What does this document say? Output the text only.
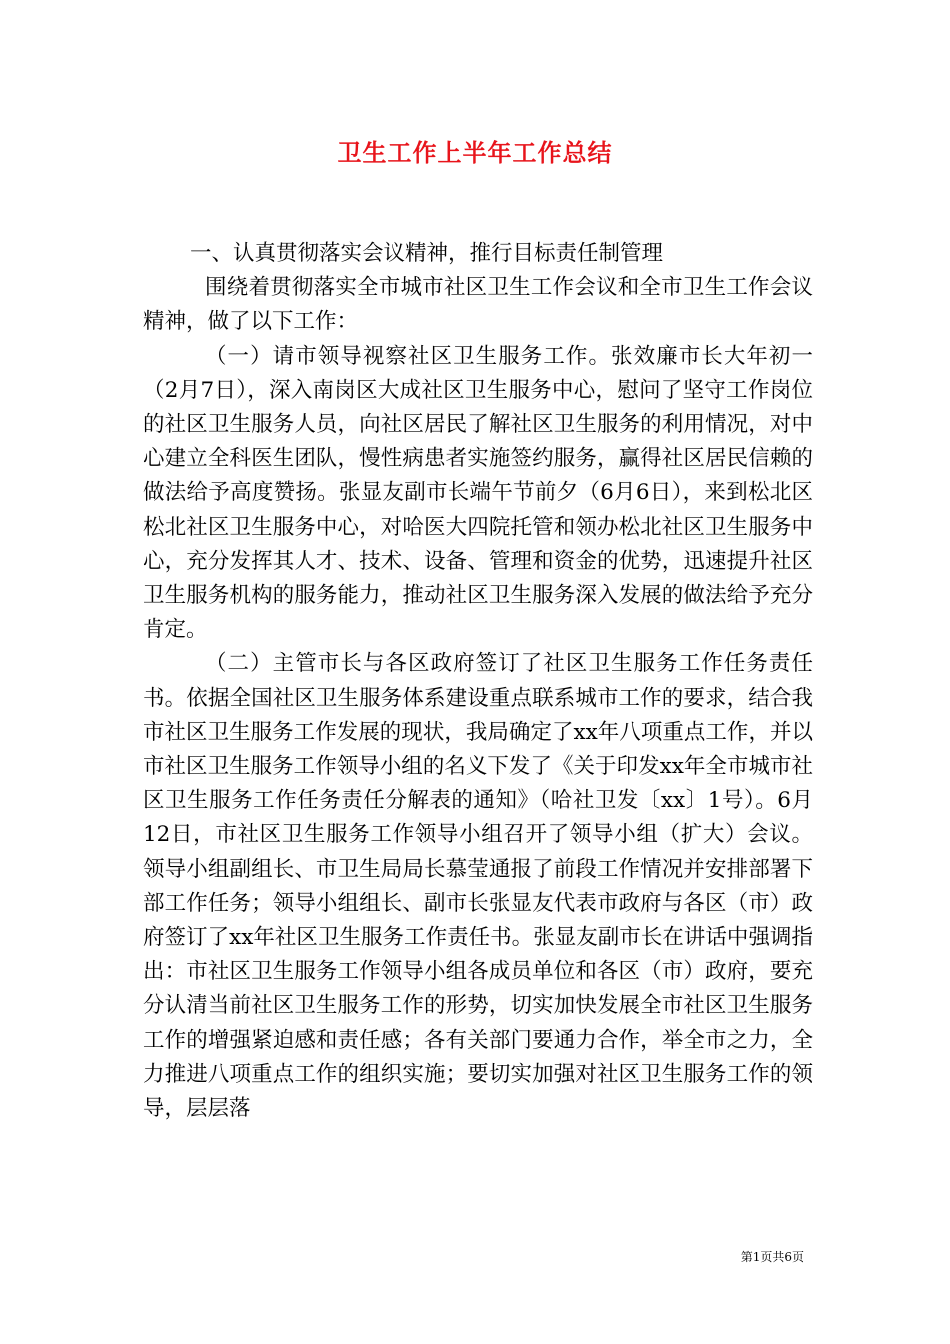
卫生工作上半年工作总结

一、认真贯彻落实会议精神，推行目标责任制管理

围绕着贯彻落实全市城市社区卫生工作会议和全市卫生工作会议精神，做了以下工作：

（一）请市领导视察社区卫生服务工作。张效廉市长大年初一（2月7日），深入南岗区大成社区卫生服务中心，慰问了坚守工作岗位的社区卫生服务人员，向社区居民了解社区卫生服务的利用情况，对中心建立全科医生团队，慢性病患者实施签约服务，赢得社区居民信赖的做法给予高度赞扬。张显友副市长端午节前夕（6月6日），来到松北区松北社区卫生服务中心，对哈医大四院托管和领办松北社区卫生服务中心，充分发挥其人才、技术、设备、管理和资金的优势，迅速提升社区卫生服务机构的服务能力，推动社区卫生服务深入发展的做法给予充分肯定。

（二）主管市长与各区政府签订了社区卫生服务工作任务责任书。依据全国社区卫生服务体系建设重点联系城市工作的要求，结合我市社区卫生服务工作发展的现状，我局确定了xx年八项重点工作，并以市社区卫生服务工作领导小组的名义下发了《关于印发xx年全市城市社区卫生服务工作任务责任分解表的通知》（哈社卫发〔xx〕1号）。6月12日，市社区卫生服务工作领导小组召开了领导小组（扩大）会议。领导小组副组长、市卫生局局长慕莹通报了前段工作情况并安排部署下部工作任务；领导小组组长、副市长张显友代表市政府与各区（市）政府签订了xx年社区卫生服务工作责任书。张显友副市长在讲话中强调指出：市社区卫生服务工作领导小组各成员单位和各区（市）政府，要充分认清当前社区卫生服务工作的形势，切实加快发展全市社区卫生服务工作的增强紧迫感和责任感；各有关部门要通力合作，举全市之力，全力推进八项重点工作的组织实施；要切实加强对社区卫生服务工作的领导，层层落

第1页共6页
